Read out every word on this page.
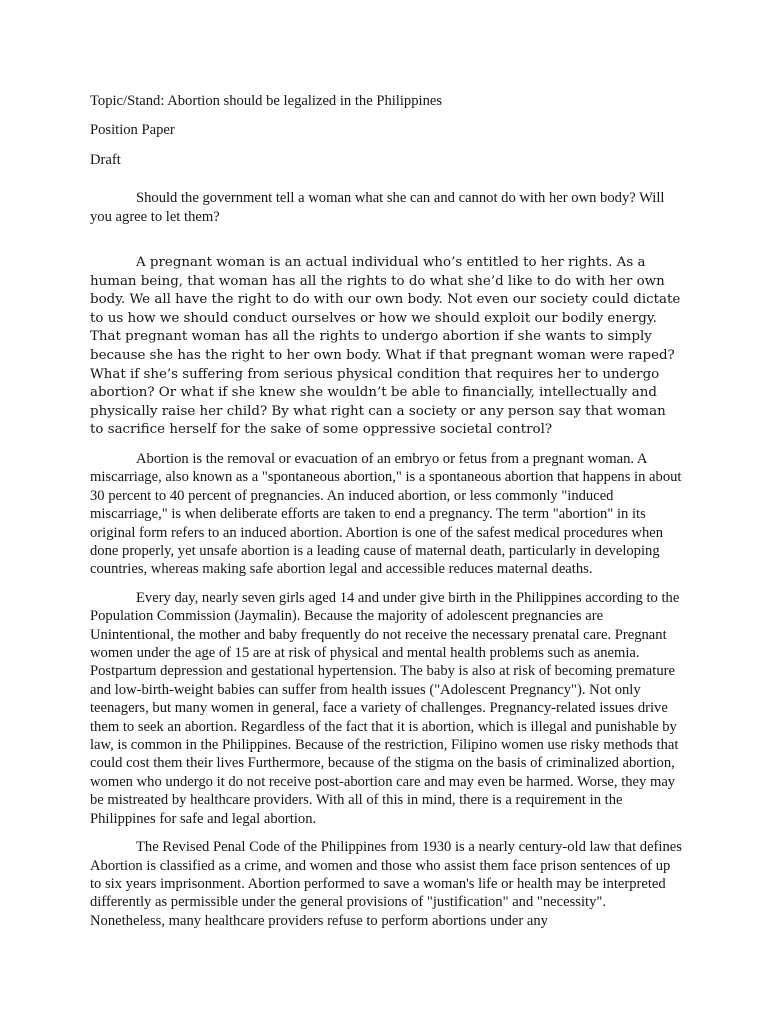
Topic/Stand: Abortion should be legalized in the Philippines

Position Paper

Draft

Should the government tell a woman what she can and cannot do with her own body? Will you agree to let them?

A pregnant woman is an actual individual who’s entitled to her rights. As a human being, that woman has all the rights to do what she’d like to do with her own body. We all have the right to do with our own body. Not even our society could dictate to us how we should conduct ourselves or how we should exploit our bodily energy. That pregnant woman has all the rights to undergo abortion if she wants to simply because she has the right to her own body. What if that pregnant woman were raped? What if she’s suffering from serious physical condition that requires her to undergo abortion? Or what if she knew she wouldn’t be able to financially, intellectually and physically raise her child? By what right can a society or any person say that woman to sacrifice herself for the sake of some oppressive societal control?

Abortion is the removal or evacuation of an embryo or fetus from a pregnant woman. A miscarriage, also known as a "spontaneous abortion," is a spontaneous abortion that happens in about 30 percent to 40 percent of pregnancies. An induced abortion, or less commonly "induced miscarriage," is when deliberate efforts are taken to end a pregnancy. The term "abortion" in its original form refers to an induced abortion. Abortion is one of the safest medical procedures when done properly, yet unsafe abortion is a leading cause of maternal death, particularly in developing countries, whereas making safe abortion legal and accessible reduces maternal deaths.

Every day, nearly seven girls aged 14 and under give birth in the Philippines according to the Population Commission (Jaymalin). Because the majority of adolescent pregnancies are Unintentional, the mother and baby frequently do not receive the necessary prenatal care. Pregnant women under the age of 15 are at risk of physical and mental health problems such as anemia. Postpartum depression and gestational hypertension. The baby is also at risk of becoming premature and low-birth-weight babies can suffer from health issues ("Adolescent Pregnancy"). Not only teenagers, but many women in general, face a variety of challenges. Pregnancy-related issues drive them to seek an abortion. Regardless of the fact that it is abortion, which is illegal and punishable by law, is common in the Philippines. Because of the restriction, Filipino women use risky methods that could cost them their lives Furthermore, because of the stigma on the basis of criminalized abortion, women who undergo it do not receive post-abortion care and may even be harmed. Worse, they may be mistreated by healthcare providers. With all of this in mind, there is a requirement in the Philippines for safe and legal abortion.

The Revised Penal Code of the Philippines from 1930 is a nearly century-old law that defines Abortion is classified as a crime, and women and those who assist them face prison sentences of up to six years imprisonment. Abortion performed to save a woman's life or health may be interpreted differently as permissible under the general provisions of "justification" and "necessity". Nonetheless, many healthcare providers refuse to perform abortions under any
